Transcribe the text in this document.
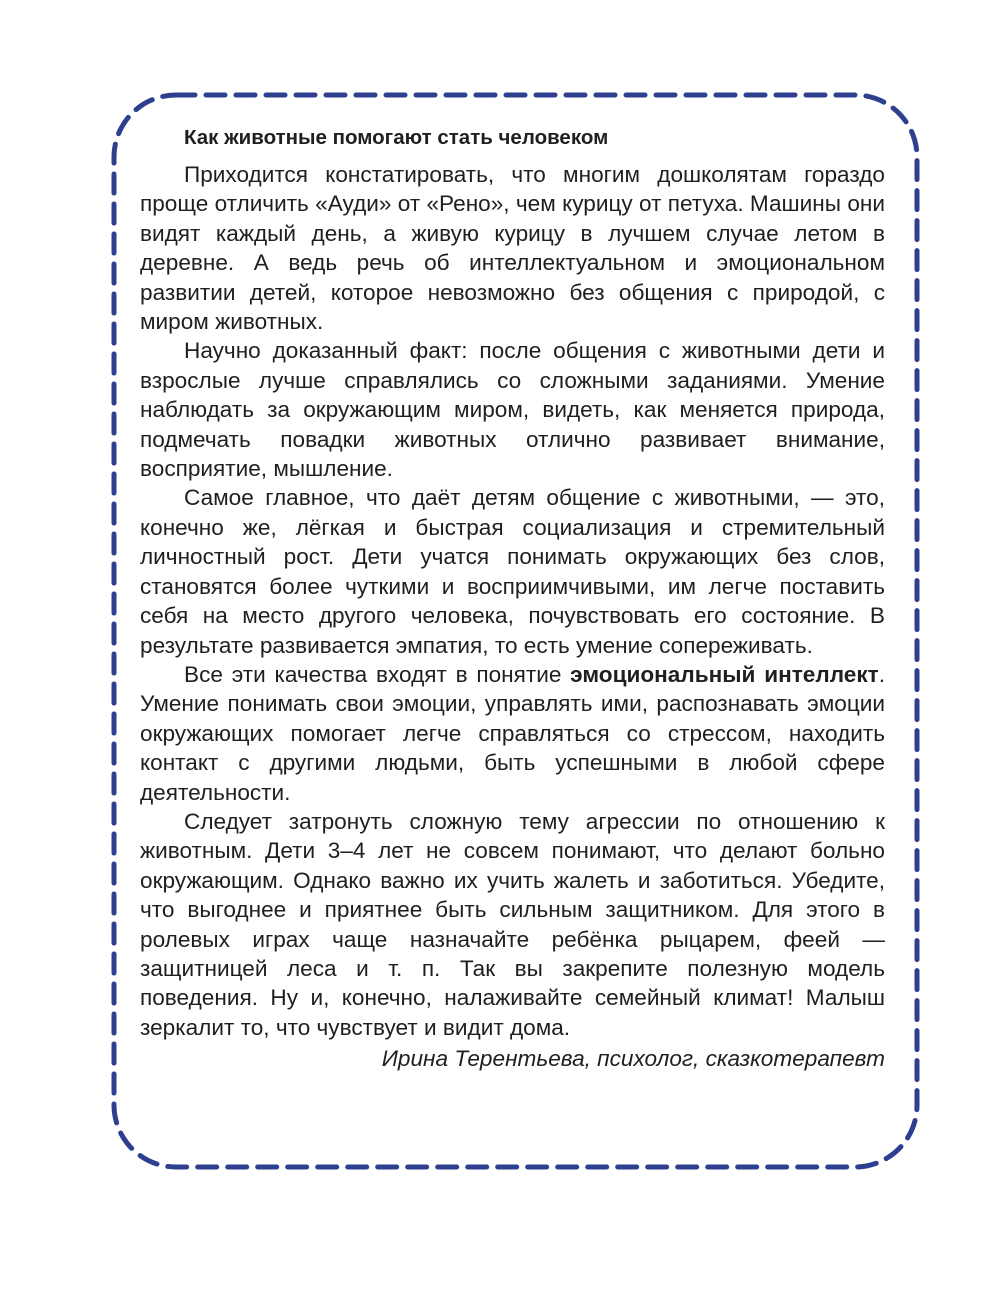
Как животные помогают стать человеком

Приходится констатировать, что многим дошколятам гораздо проще отличить «Ауди» от «Рено», чем курицу от петуха. Машины они видят каждый день, а живую курицу в лучшем случае летом в деревне. А ведь речь об интеллектуальном и эмоциональном развитии детей, которое невозможно без общения с природой, с миром животных.

Научно доказанный факт: после общения с животными дети и взрослые лучше справлялись со сложными заданиями. Умение наблюдать за окружающим миром, видеть, как меняется природа, подмечать повадки животных отлично развивает внимание, восприятие, мышление.

Самое главное, что даёт детям общение с животными, — это, конечно же, лёгкая и быстрая социализация и стремительный личностный рост. Дети учатся понимать окружающих без слов, становятся более чуткими и восприимчивыми, им легче поставить себя на место другого человека, почувствовать его состояние. В результате развивается эмпатия, то есть умение сопереживать.

Все эти качества входят в понятие эмоциональный интеллект. Умение понимать свои эмоции, управлять ими, распознавать эмоции окружающих помогает легче справляться со стрессом, находить контакт с другими людьми, быть успешными в любой сфере деятельности.

Следует затронуть сложную тему агрессии по отношению к животным. Дети 3–4 лет не совсем понимают, что делают больно окружающим. Однако важно их учить жалеть и заботиться. Убедите, что выгоднее и приятнее быть сильным защитником. Для этого в ролевых играх чаще назначайте ребёнка рыцарем, феей — защитницей леса и т. п. Так вы закрепите полезную модель поведения. Ну и, конечно, налаживайте семейный климат! Малыш зеркалит то, что чувствует и видит дома.

Ирина Терентьева, психолог, сказкотерапевт
